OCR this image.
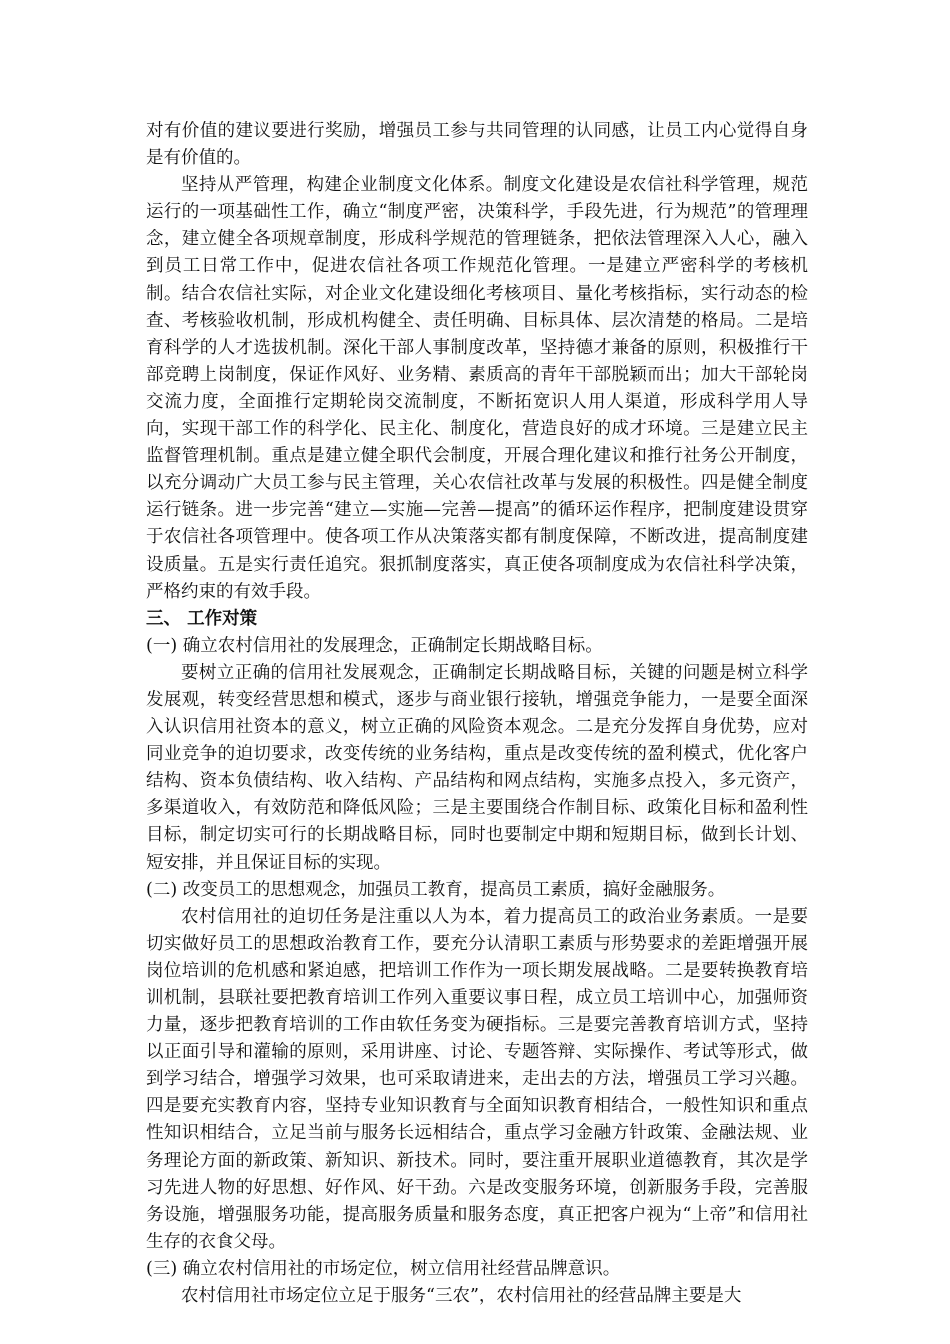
对有价值的建议要进行奖励，增强员工参与共同管理的认同感，让员工内心觉得自身是有价值的。

坚持从严管理，构建企业制度文化体系。制度文化建设是农信社科学管理，规范运行的一项基础性工作，确立“制度严密，决策科学，手段先进，行为规范”的管理理念，建立健全各项规章制度，形成科学规范的管理链条，把依法管理深入人心，融入到员工日常工作中，促进农信社各项工作规范化管理。一是建立严密科学的考核机制。结合农信社实际，对企业文化建设细化考核项目、量化考核指标，实行动态的检查、考核验收机制，形成机构健全、责任明确、目标具体、层次清楚的格局。二是培育科学的人才选拔机制。深化干部人事制度改革，坚持德才兼备的原则，积极推行干部竞聘上岗制度，保证作风好、业务精、素质高的青年干部脱颖而出；加大干部轮岗交流力度，全面推行定期轮岗交流制度，不断拓宽识人用人渠道，形成科学用人导向，实现干部工作的科学化、民主化、制度化，营造良好的成才环境。三是建立民主监督管理机制。重点是建立健全职代会制度，开展合理化建议和推行社务公开制度，以充分调动广大员工参与民主管理，关心农信社改革与发展的积极性。四是健全制度运行链条。进一步完善“建立—实施—完善—提高”的循环运作程序，把制度建设贯穿于农信社各项管理中。使各项工作从决策落实都有制度保障，不断改进，提高制度建设质量。五是实行责任追究。狠抓制度落实，真正使各项制度成为农信社科学决策，严格约束的有效手段。

三、 工作对策

(一) 确立农村信用社的发展理念，正确制定长期战略目标。

要树立正确的信用社发展观念，正确制定长期战略目标，关键的问题是树立科学发展观，转变经营思想和模式，逐步与商业银行接轨，增强竞争能力，一是要全面深入认识信用社资本的意义，树立正确的风险资本观念。二是充分发挥自身优势，应对同业竞争的迫切要求，改变传统的业务结构，重点是改变传统的盈利模式，优化客户结构、资本负债结构、收入结构、产品结构和网点结构，实施多点投入，多元资产，多渠道收入，有效防范和降低风险；三是主要围绕合作制目标、政策化目标和盈利性目标，制定切实可行的长期战略目标，同时也要制定中期和短期目标，做到长计划、短安排，并且保证目标的实现。

(二) 改变员工的思想观念，加强员工教育，提高员工素质，搞好金融服务。

农村信用社的迫切任务是注重以人为本，着力提高员工的政治业务素质。一是要切实做好员工的思想政治教育工作，要充分认清职工素质与形势要求的差距增强开展岗位培训的危机感和紧迫感，把培训工作作为一项长期发展战略。二是要转换教育培训机制，县联社要把教育培训工作列入重要议事日程，成立员工培训中心，加强师资力量，逐步把教育培训的工作由软任务变为硬指标。三是要完善教育培训方式，坚持以正面引导和灌输的原则，采用讲座、讨论、专题答辩、实际操作、考试等形式，做到学习结合，增强学习效果，也可采取请进来，走出去的方法，增强员工学习兴趣。四是要充实教育内容，坚持专业知识教育与全面知识教育相结合，一般性知识和重点性知识相结合，立足当前与服务长远相结合，重点学习金融方针政策、金融法规、业务理论方面的新政策、新知识、新技术。同时，要注重开展职业道德教育，其次是学习先进人物的好思想、好作风、好干劲。六是改变服务环境，创新服务手段，完善服务设施，增强服务功能，提高服务质量和服务态度，真正把客户视为“上帝”和信用社生存的衣食父母。

(三) 确立农村信用社的市场定位，树立信用社经营品牌意识。

农村信用社市场定位立足于服务“三农”，农村信用社的经营品牌主要是大
